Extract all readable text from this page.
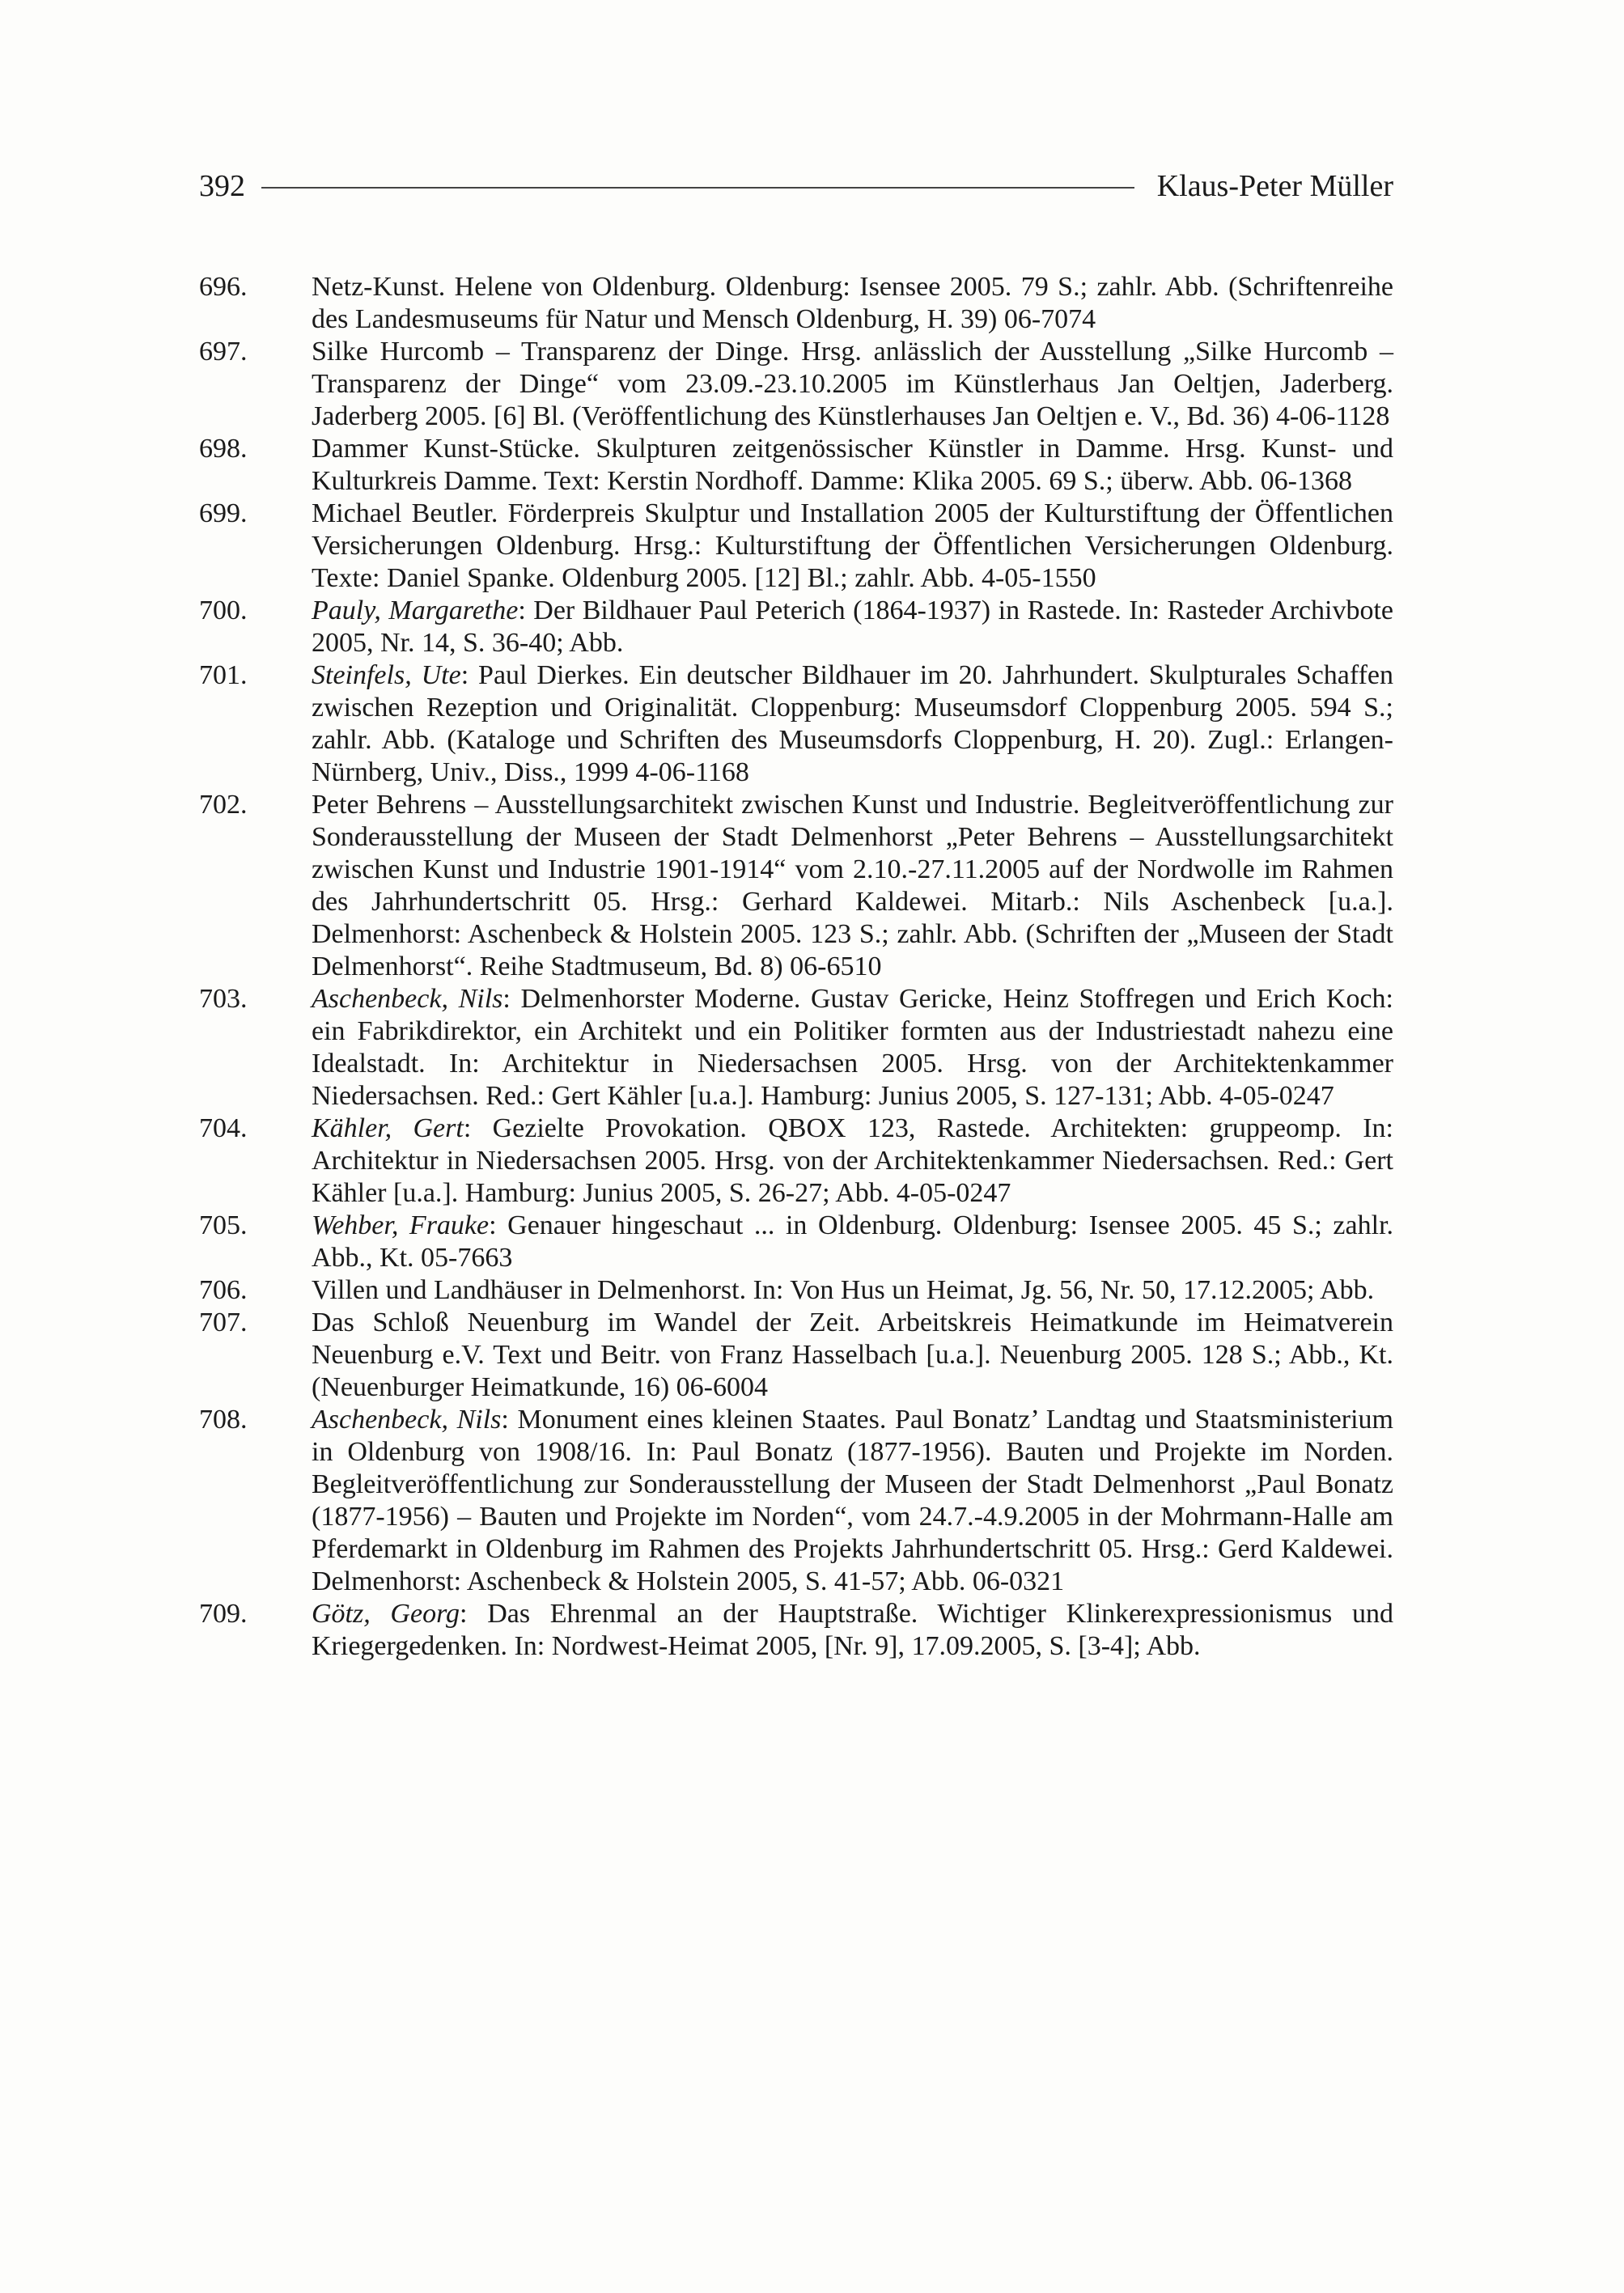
392	Klaus-Peter Müller
696.	Netz-Kunst. Helene von Oldenburg. Oldenburg: Isensee 2005. 79 S.; zahlr. Abb. (Schriftenreihe des Landesmuseums für Natur und Mensch Oldenburg, H. 39) 06-7074
697.	Silke Hurcomb – Transparenz der Dinge. Hrsg. anlässlich der Ausstellung „Silke Hurcomb – Transparenz der Dinge“ vom 23.09.-23.10.2005 im Künstlerhaus Jan Oeltjen, Jaderberg. Jaderberg 2005. [6] Bl. (Veröffentlichung des Künstlerhauses Jan Oeltjen e. V., Bd. 36) 4-06-1128
698.	Dammer Kunst-Stücke. Skulpturen zeitgenössischer Künstler in Damme. Hrsg. Kunst- und Kulturkreis Damme. Text: Kerstin Nordhoff. Damme: Klika 2005. 69 S.; überw. Abb. 06-1368
699.	Michael Beutler. Förderpreis Skulptur und Installation 2005 der Kulturstiftung der Öffentlichen Versicherungen Oldenburg. Hrsg.: Kulturstiftung der Öffentlichen Versicherungen Oldenburg. Texte: Daniel Spanke. Oldenburg 2005. [12] Bl.; zahlr. Abb. 4-05-1550
700.	Pauly, Margarethe: Der Bildhauer Paul Peterich (1864-1937) in Rastede. In: Rasteder Archivbote 2005, Nr. 14, S. 36-40; Abb.
701.	Steinfels, Ute: Paul Dierkes. Ein deutscher Bildhauer im 20. Jahrhundert. Skulpturales Schaffen zwischen Rezeption und Originalität. Cloppenburg: Museumsdorf Cloppenburg 2005. 594 S.; zahlr. Abb. (Kataloge und Schriften des Museumsdorfs Cloppenburg, H. 20). Zugl.: Erlangen-Nürnberg, Univ., Diss., 1999 4-06-1168
702.	Peter Behrens – Ausstellungsarchitekt zwischen Kunst und Industrie. Begleitveröffentlichung zur Sonderausstellung der Museen der Stadt Delmenhorst „Peter Behrens – Ausstellungsarchitekt zwischen Kunst und Industrie 1901-1914“ vom 2.10.-27.11.2005 auf der Nordwolle im Rahmen des Jahrhundertschritt 05. Hrsg.: Gerhard Kaldewei. Mitarb.: Nils Aschenbeck [u.a.]. Delmenhorst: Aschenbeck & Holstein 2005. 123 S.; zahlr. Abb. (Schriften der „Museen der Stadt Delmenhorst“. Reihe Stadtmuseum, Bd. 8) 06-6510
703.	Aschenbeck, Nils: Delmenhorster Moderne. Gustav Gericke, Heinz Stoffregen und Erich Koch: ein Fabrikdirektor, ein Architekt und ein Politiker formten aus der Industriestadt nahezu eine Idealstadt. In: Architektur in Niedersachsen 2005. Hrsg. von der Architektenkammer Niedersachsen. Red.: Gert Kähler [u.a.]. Hamburg: Junius 2005, S. 127-131; Abb. 4-05-0247
704.	Kähler, Gert: Gezielte Provokation. QBOX 123, Rastede. Architekten: gruppeomp. In: Architektur in Niedersachsen 2005. Hrsg. von der Architektenkammer Niedersachsen. Red.: Gert Kähler [u.a.]. Hamburg: Junius 2005, S. 26-27; Abb. 4-05-0247
705.	Wehber, Frauke: Genauer hingeschaut ... in Oldenburg. Oldenburg: Isensee 2005. 45 S.; zahlr. Abb., Kt. 05-7663
706.	Villen und Landhäuser in Delmenhorst. In: Von Hus un Heimat, Jg. 56, Nr. 50, 17.12.2005; Abb.
707.	Das Schloß Neuenburg im Wandel der Zeit. Arbeitskreis Heimatkunde im Heimatverein Neuenburg e.V. Text und Beitr. von Franz Hasselbach [u.a.]. Neuenburg 2005. 128 S.; Abb., Kt. (Neuenburger Heimatkunde, 16) 06-6004
708.	Aschenbeck, Nils: Monument eines kleinen Staates. Paul Bonatz’ Landtag und Staatsministerium in Oldenburg von 1908/16. In: Paul Bonatz (1877-1956). Bauten und Projekte im Norden. Begleitveröffentlichung zur Sonderausstellung der Museen der Stadt Delmenhorst „Paul Bonatz (1877-1956) – Bauten und Projekte im Norden“, vom 24.7.-4.9.2005 in der Mohrmann-Halle am Pferdemarkt in Oldenburg im Rahmen des Projekts Jahrhundertschritt 05. Hrsg.: Gerd Kaldewei. Delmenhorst: Aschenbeck & Holstein 2005, S. 41-57; Abb. 06-0321
709.	Götz, Georg: Das Ehrenmal an der Hauptstraße. Wichtiger Klinkerexpressionismus und Kriegergedenken. In: Nordwest-Heimat 2005, [Nr. 9], 17.09.2005, S. [3-4]; Abb.
